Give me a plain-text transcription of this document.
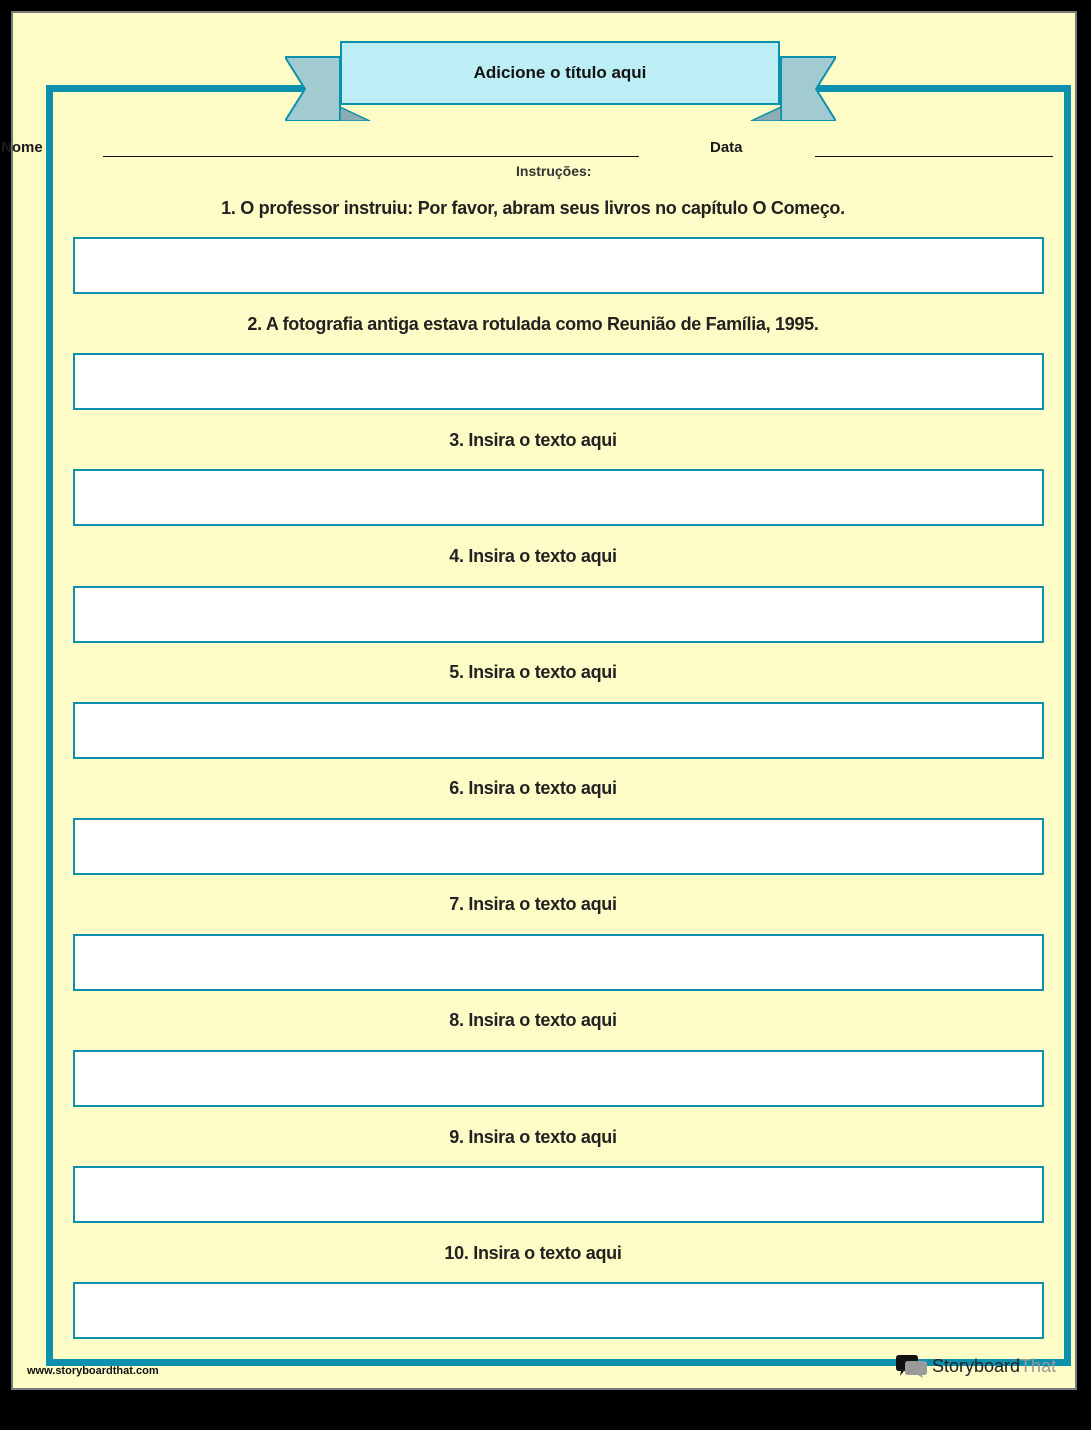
Adicione o título aqui
Nome	Data
Instruções:
1. O professor instruiu: Por favor, abram seus livros no capítulo O Começo.
2. A fotografia antiga estava rotulada como Reunião de Família, 1995.
3. Insira o texto aqui
4. Insira o texto aqui
5. Insira o texto aqui
6. Insira o texto aqui
7. Insira o texto aqui
8. Insira o texto aqui
9. Insira o texto aqui
10. Insira o texto aqui
www.storyboardthat.com	StoryboardThat
